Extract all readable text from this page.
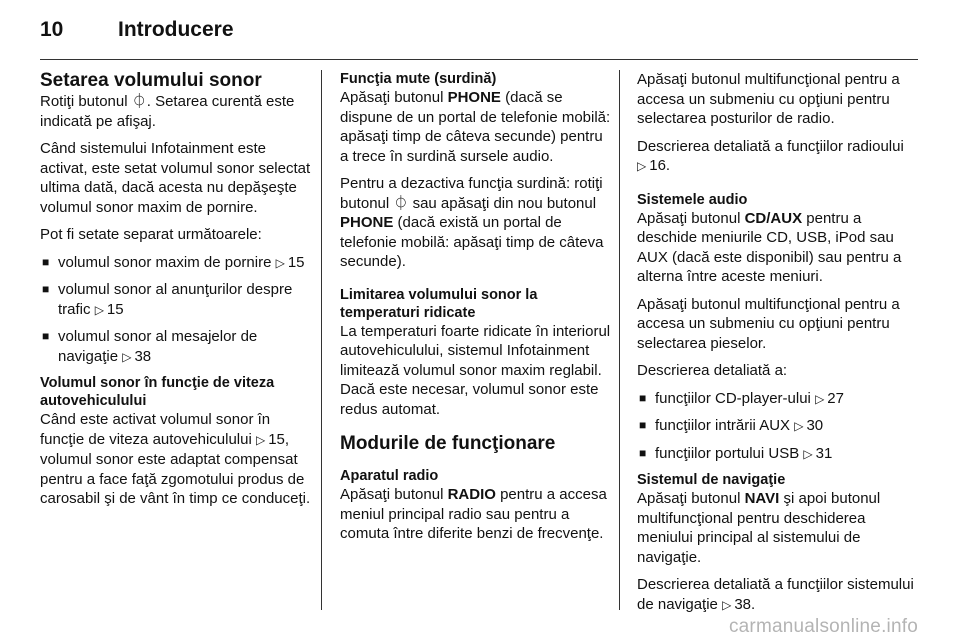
10	Introducere
Setarea volumului sonor

Rotiţi butonul ⏀. Setarea curentă este indicată pe afişaj.

Când sistemului Infotainment este activat, este setat volumul sonor selectat ultima dată, dacă acesta nu depăşeşte volumul sonor maxim de pornire.

Pot fi setate separat următoarele:

■ volumul sonor maxim de pornire ▷ 15
■ volumul sonor al anunţurilor despre trafic ▷ 15
■ volumul sonor al mesajelor de navigaţie ▷ 38
Volumul sonor în funcţie de viteza autovehiculului

Când este activat volumul sonor în funcţie de viteza autovehiculului ▷ 15, volumul sonor este adaptat compensat pentru a face faţă zgomotului produs de carosabil şi de vânt în timp ce conduceţi.

Funcţia mute (surdină)

Apăsaţi butonul PHONE (dacă se dispune de un portal de telefonie mobilă: apăsaţi timp de câteva secunde) pentru a trece în surdină sursele audio.

Pentru a dezactiva funcţia surdină: rotiţi butonul ⏀ sau apăsaţi din nou butonul PHONE (dacă există un portal de telefonie mobilă: apăsaţi timp de câteva secunde).

Limitarea volumului sonor la temperaturi ridicate

La temperaturi foarte ridicate în interiorul autovehiculului, sistemul Infotainment limitează volumul sonor maxim reglabil. Dacă este necesar, volumul sonor este redus automat.

Modurile de funcţionare
Aparatul radio

Apăsaţi butonul RADIO pentru a accesa meniul principal radio sau pentru a comuta între diferite benzi de frecvenţe.

Apăsaţi butonul multifuncţional pentru a accesa un submeniu cu opţiuni pentru selectarea posturilor de radio.

Descrierea detaliată a funcţiilor radioului ▷ 16.

Sistemele audio

Apăsaţi butonul CD/AUX pentru a deschide meniurile CD, USB, iPod sau AUX (dacă este disponibil) sau pentru a alterna între aceste meniuri.

Apăsaţi butonul multifuncţional pentru a accesa un submeniu cu opţiuni pentru selectarea pieselor.

Descrierea detaliată a:

■ funcţiilor CD-player-ului ▷ 27
■ funcţiilor intrării AUX ▷ 30
■ funcţiilor portului USB ▷ 31
Sistemul de navigaţie

Apăsaţi butonul NAVI şi apoi butonul multifuncţional pentru deschiderea meniului principal al sistemului de navigaţie.

Descrierea detaliată a funcţiilor sistemului de navigaţie ▷ 38.

carmanualsonline.info
